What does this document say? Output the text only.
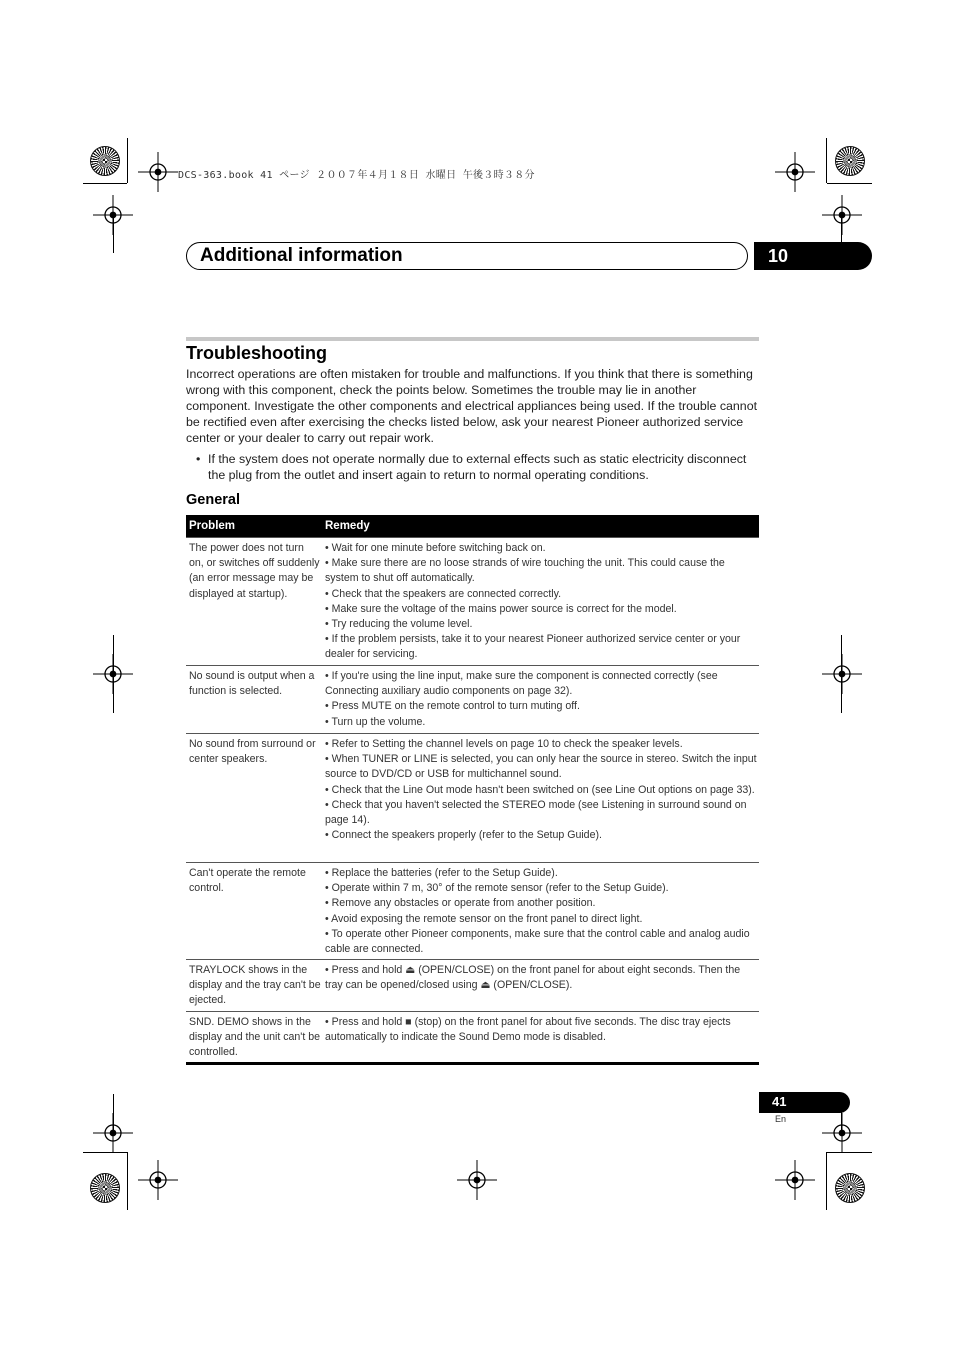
DCS-363.book 41 ページ ２００７年４月１８日 水曜日 午後３時３８分
Additional information	10
Troubleshooting

Incorrect operations are often mistaken for trouble and malfunctions. If you think that there is something wrong with this component, check the points below. Sometimes the trouble may lie in another component. Investigate the other components and electrical appliances being used. If the trouble cannot be rectified even after exercising the checks listed below, ask your nearest Pioneer authorized service center or your dealer to carry out repair work.

• If the system does not operate normally due to external effects such as static electricity disconnect the plug from the outlet and insert again to return to normal operating conditions.
General
Problem	Remedy
The power does not turn on, or switches off suddenly (an error message may be displayed at startup).
• Wait for one minute before switching back on.
• Make sure there are no loose strands of wire touching the unit. This could cause the system to shut off automatically.
• Check that the speakers are connected correctly.
• Make sure the voltage of the mains power source is correct for the model.
• Try reducing the volume level.
• If the problem persists, take it to your nearest Pioneer authorized service center or your dealer for servicing.
No sound is output when a function is selected.
• If you're using the line input, make sure the component is connected correctly (see Connecting auxiliary audio components on page 32).
• Press MUTE on the remote control to turn muting off.
• Turn up the volume.
No sound from surround or center speakers.
• Refer to Setting the channel levels on page 10 to check the speaker levels.
• When TUNER or LINE is selected, you can only hear the source in stereo. Switch the input source to DVD/CD or USB for multichannel sound.
• Check that the Line Out mode hasn't been switched on (see Line Out options on page 33).
• Check that you haven't selected the STEREO mode (see Listening in surround sound on page 14).
• Connect the speakers properly (refer to the Setup Guide).
Can't operate the remote control.
• Replace the batteries (refer to the Setup Guide).
• Operate within 7 m, 30° of the remote sensor (refer to the Setup Guide).
• Remove any obstacles or operate from another position.
• Avoid exposing the remote sensor on the front panel to direct light.
• To operate other Pioneer components, make sure that the control cable and analog audio cable are connected.
TRAYLOCK shows in the display and the tray can't be ejected.
• Press and hold ⏏ (OPEN/CLOSE) on the front panel for about eight seconds. Then the tray can be opened/closed using ⏏ (OPEN/CLOSE).
SND. DEMO shows in the display and the unit can't be controlled.
• Press and hold ■ (stop) on the front panel for about five seconds. The disc tray ejects automatically to indicate the Sound Demo mode is disabled.
41
En
